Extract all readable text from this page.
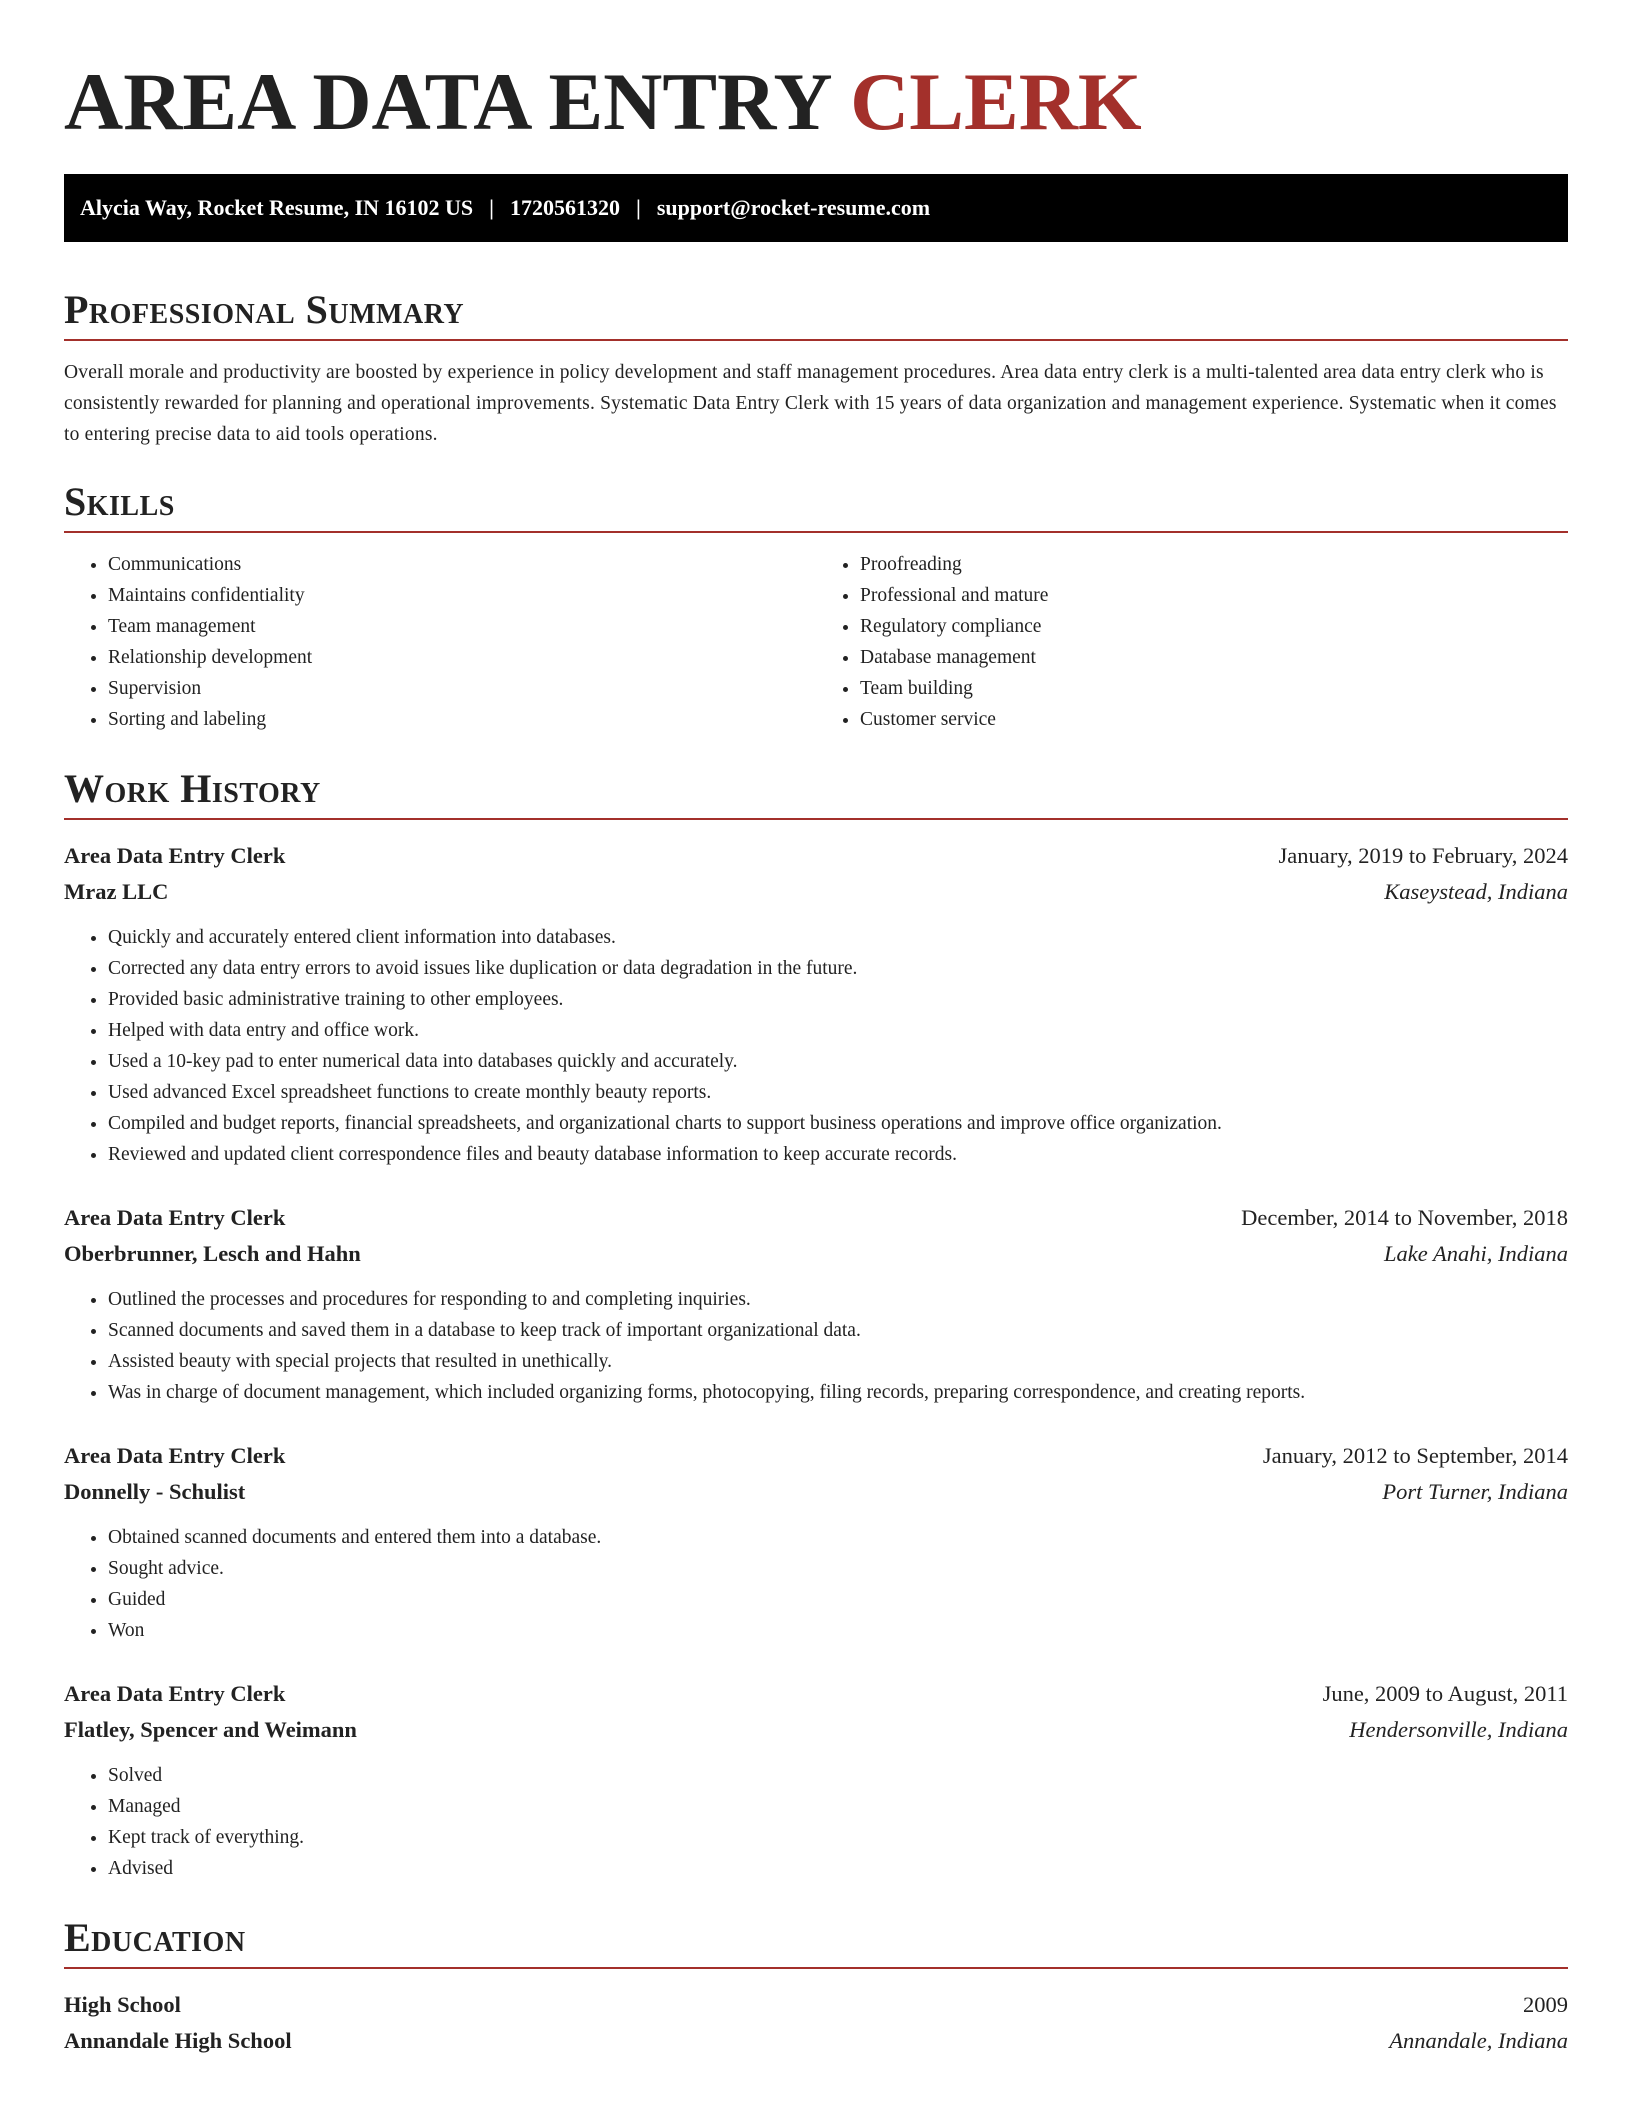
AREA DATA ENTRY CLERK
Alycia Way, Rocket Resume, IN 16102 US | 1720561320 | support@rocket-resume.com
Professional Summary

Overall morale and productivity are boosted by experience in policy development and staff management procedures. Area data entry clerk is a multi-talented area data entry clerk who is consistently rewarded for planning and operational improvements. Systematic Data Entry Clerk with 15 years of data organization and management experience. Systematic when it comes to entering precise data to aid tools operations.

Skills
• Communications
• Maintains confidentiality
• Team management
• Relationship development
• Supervision
• Sorting and labeling
• Proofreading
• Professional and mature
• Regulatory compliance
• Database management
• Team building
• Customer service
Work History
Area Data Entry Clerk	January, 2019 to February, 2024
Mraz LLC	Kaseystead, Indiana
• Quickly and accurately entered client information into databases.
• Corrected any data entry errors to avoid issues like duplication or data degradation in the future.
• Provided basic administrative training to other employees.
• Helped with data entry and office work.
• Used a 10-key pad to enter numerical data into databases quickly and accurately.
• Used advanced Excel spreadsheet functions to create monthly beauty reports.
• Compiled and budget reports, financial spreadsheets, and organizational charts to support business operations and improve office organization.
• Reviewed and updated client correspondence files and beauty database information to keep accurate records.
Area Data Entry Clerk	December, 2014 to November, 2018
Oberbrunner, Lesch and Hahn	Lake Anahi, Indiana
• Outlined the processes and procedures for responding to and completing inquiries.
• Scanned documents and saved them in a database to keep track of important organizational data.
• Assisted beauty with special projects that resulted in unethically.
• Was in charge of document management, which included organizing forms, photocopying, filing records, preparing correspondence, and creating reports.
Area Data Entry Clerk	January, 2012 to September, 2014
Donnelly - Schulist	Port Turner, Indiana
• Obtained scanned documents and entered them into a database.
• Sought advice.
• Guided
• Won
Area Data Entry Clerk	June, 2009 to August, 2011
Flatley, Spencer and Weimann	Hendersonville, Indiana
• Solved
• Managed
• Kept track of everything.
• Advised
Education
High School	2009
Annandale High School	Annandale, Indiana
